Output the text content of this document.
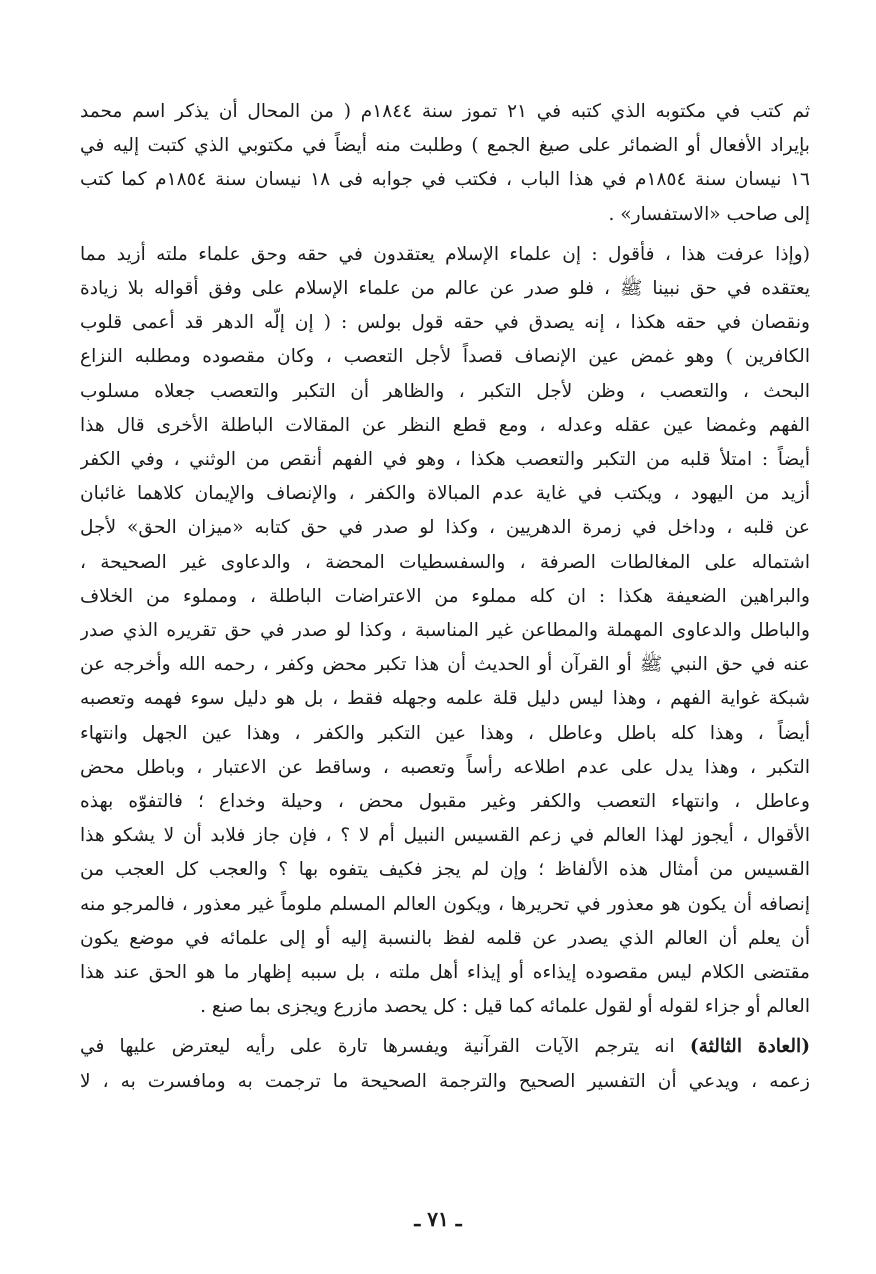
ثم كتب في مكتوبه الذي كتبه في ٢١ تموز سنة ١٨٤٤م ( من المحال أن يذكر اسم محمد
بإيراد الأفعال أو الضمائر على صيغ الجمع ) وطلبت منه أيضاً في مكتوبي الذي كتبت إليه في
١٦ نيسان سنة ١٨٥٤م في هذا الباب ، فكتب في جوابه فى ١٨ نيسان سنة ١٨٥٤م كما كتب
إلى صاحب «الاستفسار» .

(وإذا عرفت هذا ، فأقول : إن علماء الإسلام يعتقدون في حقه وحق علماء ملته أزيد مما
يعتقده في حق نبينا ﷺ ، فلو صدر عن عالم من علماء الإسلام على وفق أقواله بلا زيادة
ونقصان في حقه هكذا ، إنه يصدق في حقه قول بولس : ( إن إلّه الدهر قد أعمى قلوب
الكافرين ) وهو غمض عين الإنصاف قصداً لأجل التعصب ، وكان مقصوده ومطلبه النزاع
البحث ، والتعصب ، وظن لأجل التكبر ، والظاهر أن التكبر والتعصب جعلاه مسلوب
الفهم وغمضا عين عقله وعدله ، ومع قطع النظر عن المقالات الباطلة الأخرى قال هذا
أيضاً : امتلأ قلبه من التكبر والتعصب هكذا ، وهو في الفهم أنقص من الوثني ، وفي الكفر
أزيد من اليهود ، ويكتب في غاية عدم المبالاة والكفر ، والإنصاف والإيمان كلاهما غائبان
عن قلبه ، وداخل في زمرة الدهريين ، وكذا لو صدر في حق كتابه «ميزان الحق» لأجل
اشتماله على المغالطات الصرفة ، والسفسطيات المحضة ، والدعاوى غير الصحيحة ،
والبراهين الضعيفة هكذا : ان كله مملوء من الاعتراضات الباطلة ، ومملوء من الخلاف
والباطل والدعاوى المهملة والمطاعن غير المناسبة ، وكذا لو صدر في حق تقريره الذي صدر
عنه في حق النبي ﷺ أو القرآن أو الحديث أن هذا تكبر محض وكفر ، رحمه الله وأخرجه عن
شبكة غواية الفهم ، وهذا ليس دليل قلة علمه وجهله فقط ، بل هو دليل سوء فهمه وتعصبه
أيضاً ، وهذا كله باطل وعاطل ، وهذا عين التكبر والكفر ، وهذا عين الجهل وانتهاء
التكبر ، وهذا يدل على عدم اطلاعه رأساً وتعصبه ، وساقط عن الاعتبار ، وباطل محض
وعاطل ، وانتهاء التعصب والكفر وغير مقبول محض ، وحيلة وخداع ؛ فالتفوّه بهذه
الأقوال ، أيجوز لهذا العالم في زعم القسيس النبيل أم لا ؟ ، فإن جاز فلابد أن لا يشكو هذا
القسيس من أمثال هذه الألفاظ ؛ وإن لم يجز فكيف يتفوه بها ؟ والعجب كل العجب من
إنصافه أن يكون هو معذور في تحريرها ، ويكون العالم المسلم ملوماً غير معذور ، فالمرجو منه
أن يعلم أن العالم الذي يصدر عن قلمه لفظ بالنسبة إليه أو إلى علمائه في موضع يكون
مقتضى الكلام ليس مقصوده إيذاءه أو إيذاء أهل ملته ، بل سببه إظهار ما هو الحق عند هذا
العالم أو جزاء لقوله أو لقول علمائه كما قيل : كل يحصد مازرع ويجزى بما صنع .

(العادة الثالثة) انه يترجم الآيات القرآنية ويفسرها تارة على رأيه ليعترض عليها في
زعمه ، ويدعي أن التفسير الصحيح والترجمة الصحيحة ما ترجمت به ومافسرت به ، لا

ـ ٧١ ـ
